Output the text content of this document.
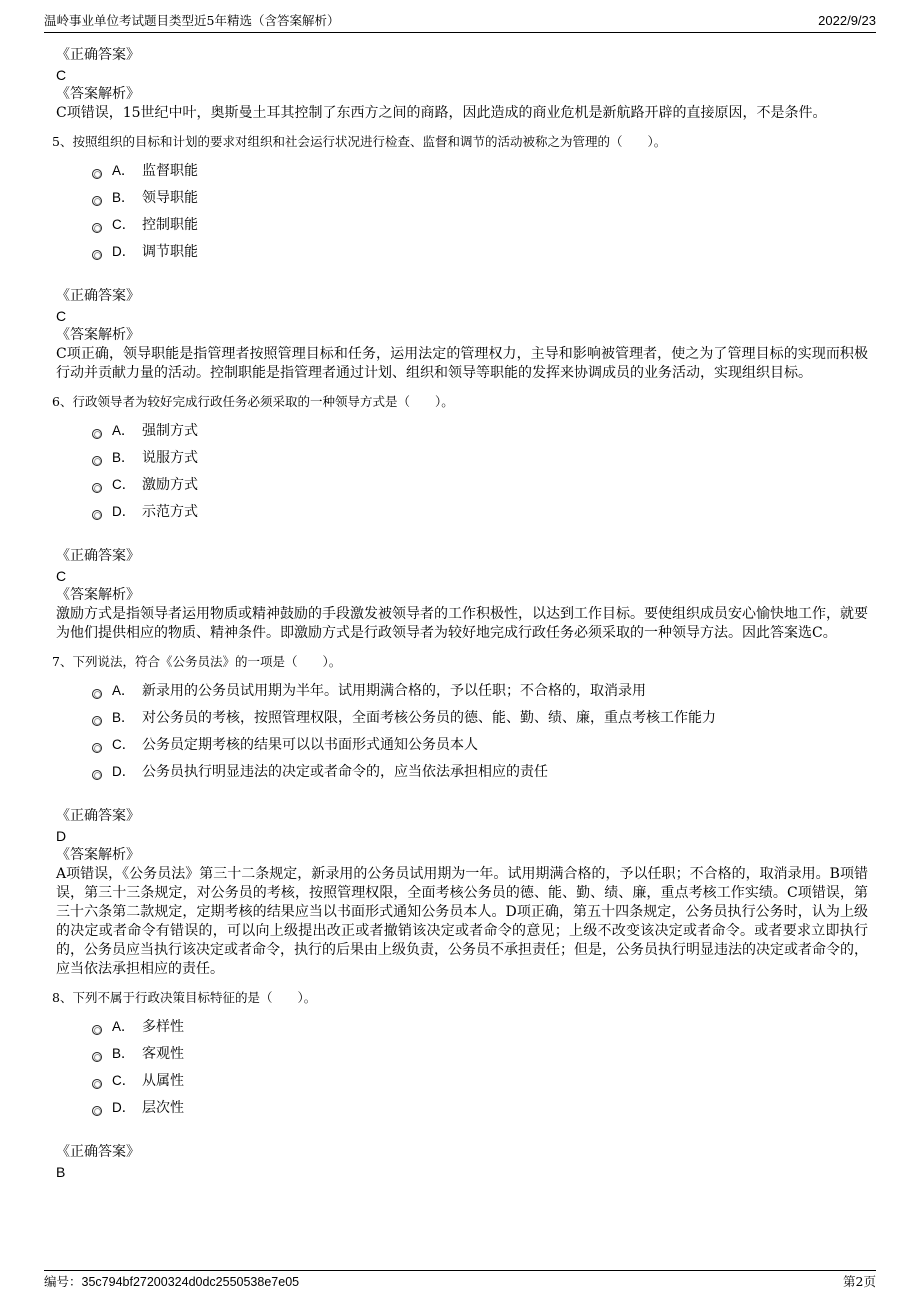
温岭事业单位考试题目类型近5年精选（含答案解析）	2022/9/23
《正确答案》
C
《答案解析》
C项错误，15世纪中叶，奥斯曼土耳其控制了东西方之间的商路，因此造成的商业危机是新航路开辟的直接原因，不是条件。
5、按照组织的目标和计划的要求对组织和社会运行状况进行检查、监督和调节的活动被称之为管理的（　　）。
A． 监督职能
B． 领导职能
C． 控制职能
D． 调节职能
《正确答案》
C
《答案解析》
C项正确，领导职能是指管理者按照管理目标和任务，运用法定的管理权力，主导和影响被管理者，使之为了管理目标的实现而积极行动并贡献力量的活动。控制职能是指管理者通过计划、组织和领导等职能的发挥来协调成员的业务活动，实现组织目标。
6、行政领导者为较好完成行政任务必须采取的一种领导方式是（　　）。
A． 强制方式
B． 说服方式
C． 激励方式
D． 示范方式
《正确答案》
C
《答案解析》
激励方式是指领导者运用物质或精神鼓励的手段激发被领导者的工作积极性，以达到工作目标。要使组织成员安心愉快地工作，就要为他们提供相应的物质、精神条件。即激励方式是行政领导者为较好地完成行政任务必须采取的一种领导方法。因此答案选C。
7、下列说法，符合《公务员法》的一项是（　　）。
A． 新录用的公务员试用期为半年。试用期满合格的，予以任职；不合格的，取消录用
B． 对公务员的考核，按照管理权限，全面考核公务员的德、能、勤、绩、廉，重点考核工作能力
C． 公务员定期考核的结果可以以书面形式通知公务员本人
D． 公务员执行明显违法的决定或者命令的，应当依法承担相应的责任
《正确答案》
D
《答案解析》
A项错误，《公务员法》第三十二条规定，新录用的公务员试用期为一年。试用期满合格的，予以任职；不合格的，取消录用。B项错误，第三十三条规定，对公务员的考核，按照管理权限，全面考核公务员的德、能、勤、绩、廉，重点考核工作实绩。C项错误，第三十六条第二款规定，定期考核的结果应当以书面形式通知公务员本人。D项正确，第五十四条规定，公务员执行公务时，认为上级的决定或者命令有错误的，可以向上级提出改正或者撤销该决定或者命令的意见；上级不改变该决定或者命令。或者要求立即执行的，公务员应当执行该决定或者命令，执行的后果由上级负责，公务员不承担责任；但是，公务员执行明显违法的决定或者命令的，应当依法承担相应的责任。
8、下列不属于行政决策目标特征的是（　　）。
A． 多样性
B． 客观性
C． 从属性
D． 层次性
《正确答案》
B
编号：35c794bf27200324d0dc2550538e7e05	第2页
